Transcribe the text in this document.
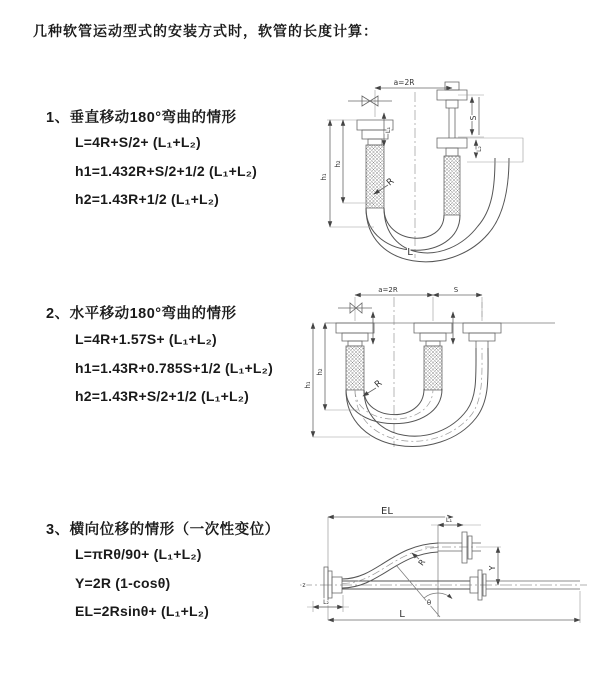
几种软管运动型式的安装方式时，软管的长度计算：
1、垂直移动180°弯曲的情形
L=4R+S/2+ (L₁+L₂)
h1=1.432R+S/2+1/2 (L₁+L₂)
h2=1.43R+1/2 (L₁+L₂)
2、水平移动180°弯曲的情形
L=4R+1.57S+ (L₁+L₂)
h1=1.43R+0.785S+1/2 (L₁+L₂)
h2=1.43R+S/2+1/2 (L₁+L₂)
3、横向位移的情形（一次性变位）
L=πRθ/90+ (L₁+L₂)
Y=2R (1-cosθ)
EL=2Rsinθ+ (L₁+L₂)
a=2R
L₁
S
L₂
h₁
h₂
R
L
a=2R	S
h₁
h₂
R
EL
L₁
Y
R
θ
L
L₂
z
